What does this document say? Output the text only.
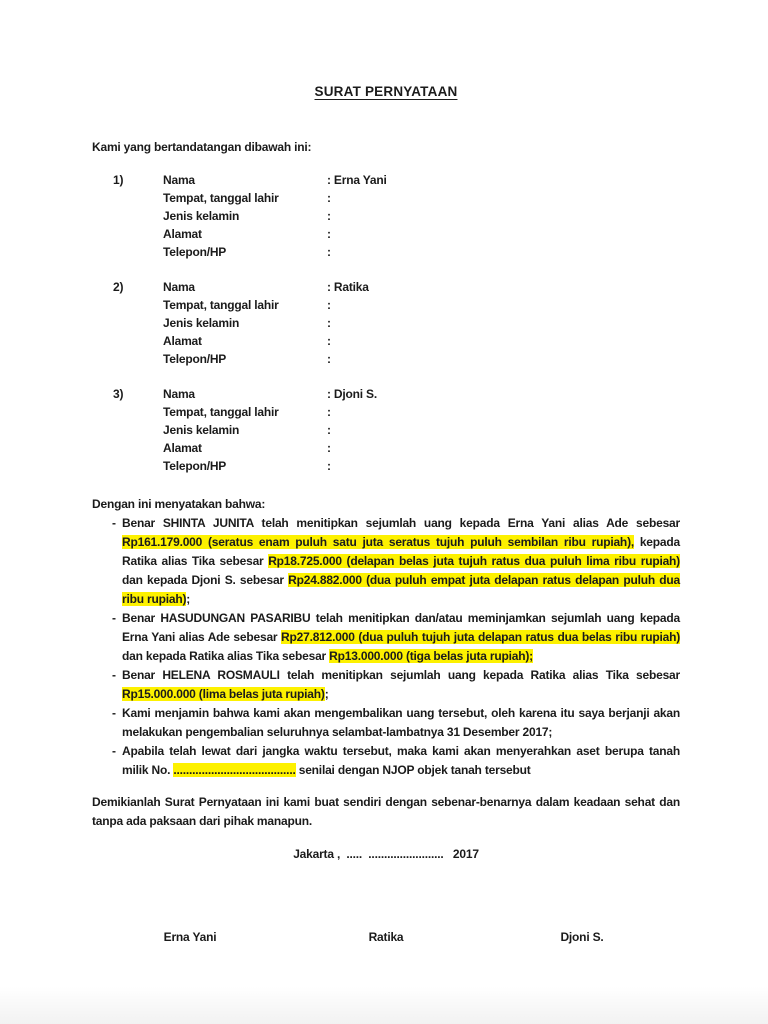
SURAT PERNYATAAN

Kami yang bertandatangan dibawah ini:

1)	Nama	: Erna Yani
Tempat, tanggal lahir	:
Jenis kelamin	:
Alamat	:
Telepon/HP	:
2)	Nama	: Ratika
Tempat, tanggal lahir	:
Jenis kelamin	:
Alamat	:
Telepon/HP	:
3)	Nama	: Djoni S.
Tempat, tanggal lahir	:
Jenis kelamin	:
Alamat	:
Telepon/HP	:

Dengan ini menyatakan bahwa:

- Benar SHINTA JUNITA telah menitipkan sejumlah uang kepada Erna Yani alias Ade sebesar Rp161.179.000 (seratus enam puluh satu juta seratus tujuh puluh sembilan ribu rupiah), kepada Ratika alias Tika sebesar Rp18.725.000 (delapan belas juta tujuh ratus dua puluh lima ribu rupiah) dan kepada Djoni S. sebesar Rp24.882.000 (dua puluh empat juta delapan ratus delapan puluh dua ribu rupiah);

- Benar HASUDUNGAN PASARIBU telah menitipkan dan/atau meminjamkan sejumlah uang kepada Erna Yani alias Ade sebesar Rp27.812.000 (dua puluh tujuh juta delapan ratus dua belas ribu rupiah) dan kepada Ratika alias Tika sebesar Rp13.000.000 (tiga belas juta rupiah);

- Benar HELENA ROSMAULI telah menitipkan sejumlah uang kepada Ratika alias Tika sebesar Rp15.000.000 (lima belas juta rupiah);

- Kami menjamin bahwa kami akan mengembalikan uang tersebut, oleh karena itu saya berjanji akan melakukan pengembalian seluruhnya selambat-lambatnya 31 Desember 2017;

- Apabila telah lewat dari jangka waktu tersebut, maka kami akan menyerahkan aset berupa tanah milik No. ....................................... senilai dengan NJOP objek tanah tersebut

Demikianlah Surat Pernyataan ini kami buat sendiri dengan sebenar-benarnya dalam keadaan sehat dan tanpa ada paksaan dari pihak manapun.

Jakarta ,  .....  ........................   2017

Erna Yani	Ratika	Djoni S.
